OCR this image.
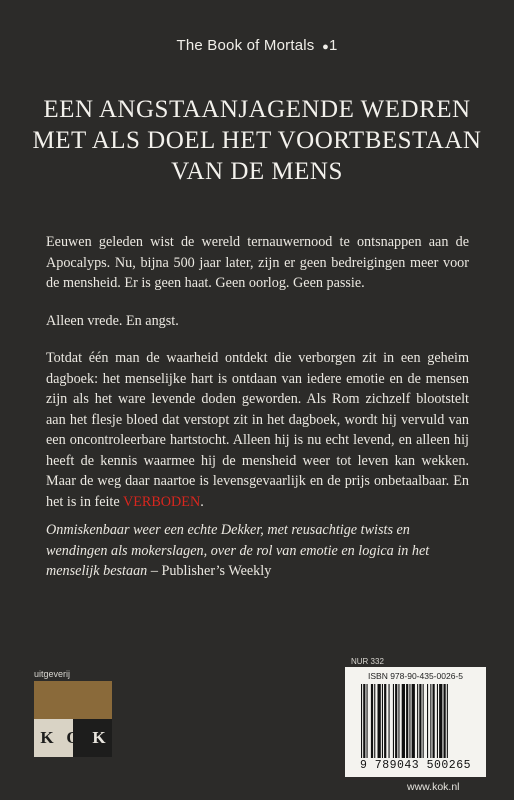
The Book of Mortals  ●1
EEN ANGSTAANJAGENDE WEDREN
MET ALS DOEL HET VOORTBESTAAN
VAN DE MENS

Eeuwen geleden wist de wereld ternauwernood te ontsnappen aan de Apocalyps. Nu, bijna 500 jaar later, zijn er geen bedreigingen meer voor de mensheid. Er is geen haat. Geen oorlog. Geen passie.

Alleen vrede. En angst.

Totdat één man de waarheid ontdekt die verborgen zit in een geheim dagboek: het menselijke hart is ontdaan van iedere emotie en de mensen zijn als het ware levende doden geworden. Als Rom zichzelf blootstelt aan het flesje bloed dat verstopt zit in het dagboek, wordt hij vervuld van een oncontroleerbare hartstocht. Alleen hij is nu echt levend, en alleen hij heeft de kennis waarmee hij de mensheid weer tot leven kan wekken. Maar de weg daar naartoe is levensgevaarlijk en de prijs onbetaalbaar. En het is in feite VERBODEN.

Onmiskenbaar weer een echte Dekker, met reusachtige twists en wendingen als mokerslagen, over de rol van emotie en logica in het menselijk bestaan – Publisher’s Weekly
uitgeverij
K O K
NUR 332
ISBN 978-90-435-0026-5
9 789043 500265
www.kok.nl
